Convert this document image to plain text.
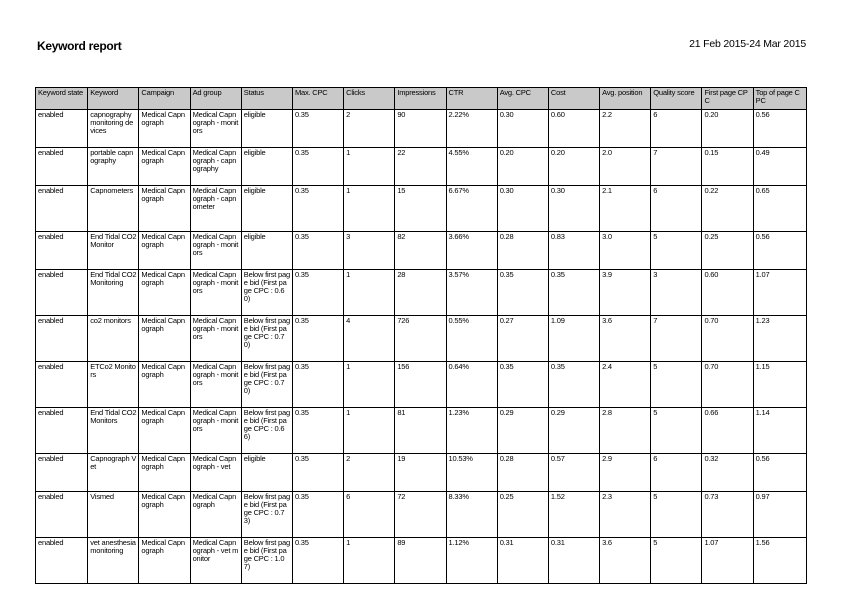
Keyword report	21 Feb 2015-24 Mar 2015
Keyword state	Keyword	Campaign	Ad group	Status	Max. CPC	Clicks	Impressions	CTR	Avg. CPC	Cost	Avg. position	Quality score	First page CPC	Top of page CPC
enabled	capnography monitoring devices	Medical Capnograph	Medical Capnograph - monitors	eligible	0.35	2	90	2.22%	0.30	0.60	2.2	6	0.20	0.56
enabled	portable capnography	Medical Capnograph	Medical Capnograph - capnography	eligible	0.35	1	22	4.55%	0.20	0.20	2.0	7	0.15	0.49
enabled	Capnometers	Medical Capnograph	Medical Capnograph - capnometer	eligible	0.35	1	15	6.67%	0.30	0.30	2.1	6	0.22	0.65
enabled	End Tidal CO2 Monitor	Medical Capnograph	Medical Capnograph - monitors	eligible	0.35	3	82	3.66%	0.28	0.83	3.0	5	0.25	0.56
enabled	End Tidal CO2 Monitoring	Medical Capnograph	Medical Capnograph - monitors	Below first page bid (First page CPC : 0.60)	0.35	1	28	3.57%	0.35	0.35	3.9	3	0.60	1.07
enabled	co2 monitors	Medical Capnograph	Medical Capnograph - monitors	Below first page bid (First page CPC : 0.70)	0.35	4	726	0.55%	0.27	1.09	3.6	7	0.70	1.23
enabled	ETCo2 Monitors	Medical Capnograph	Medical Capnograph - monitors	Below first page bid (First page CPC : 0.70)	0.35	1	156	0.64%	0.35	0.35	2.4	5	0.70	1.15
enabled	End Tidal CO2 Monitors	Medical Capnograph	Medical Capnograph - monitors	Below first page bid (First page CPC : 0.66)	0.35	1	81	1.23%	0.29	0.29	2.8	5	0.66	1.14
enabled	Capnograph Vet	Medical Capnograph	Medical Capnograph - vet	eligible	0.35	2	19	10.53%	0.28	0.57	2.9	6	0.32	0.56
enabled	Vismed	Medical Capnograph	Medical Capnograph	Below first page bid (First page CPC : 0.73)	0.35	6	72	8.33%	0.25	1.52	2.3	5	0.73	0.97
enabled	vet anesthesia monitoring	Medical Capnograph	Medical Capnograph - vet monitor	Below first page bid (First page CPC : 1.07)	0.35	1	89	1.12%	0.31	0.31	3.6	5	1.07	1.56
